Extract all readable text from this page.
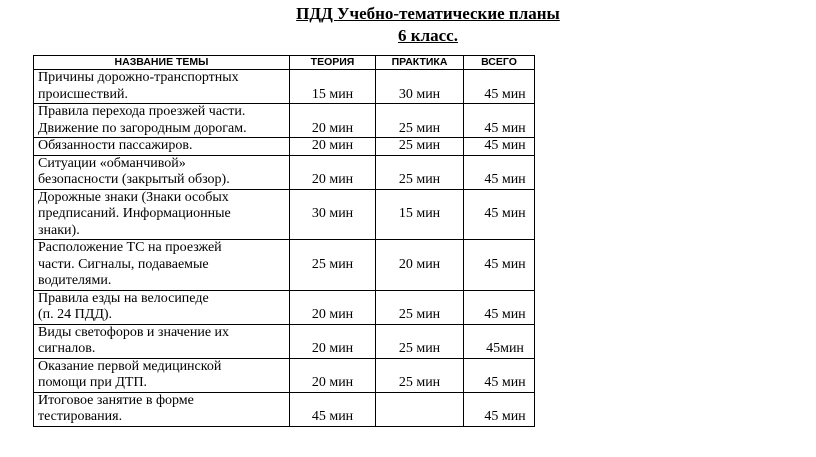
ПДД Учебно-тематические планы
6 класс.
НАЗВАНИЕ ТЕМЫ	ТЕОРИЯ	ПРАКТИКА	ВСЕГО
Причины дорожно-транспортных
происшествий.	15 мин	30 мин	45 мин
Правила перехода проезжей части.
Движение по загородным дорогам.	20 мин	25 мин	45 мин
Обязанности пассажиров.	20 мин	25 мин	45 мин
Ситуации «обманчивой»
безопасности (закрытый обзор).	20 мин	25 мин	45 мин
Дорожные знаки (Знаки особых
предписаний. Информационные
знаки).	30 мин	15 мин	45 мин
Расположение ТС на проезжей
части. Сигналы, подаваемые
водителями.	25 мин	20 мин	45 мин
Правила езды на велосипеде
(п. 24 ПДД).	20 мин	25 мин	45 мин
Виды светофоров и значение их
сигналов.	20 мин	25 мин	45мин
Оказание первой медицинской
помощи при ДТП.	20 мин	25 мин	45 мин
Итоговое занятие в форме
тестирования.	45 мин		45 мин
